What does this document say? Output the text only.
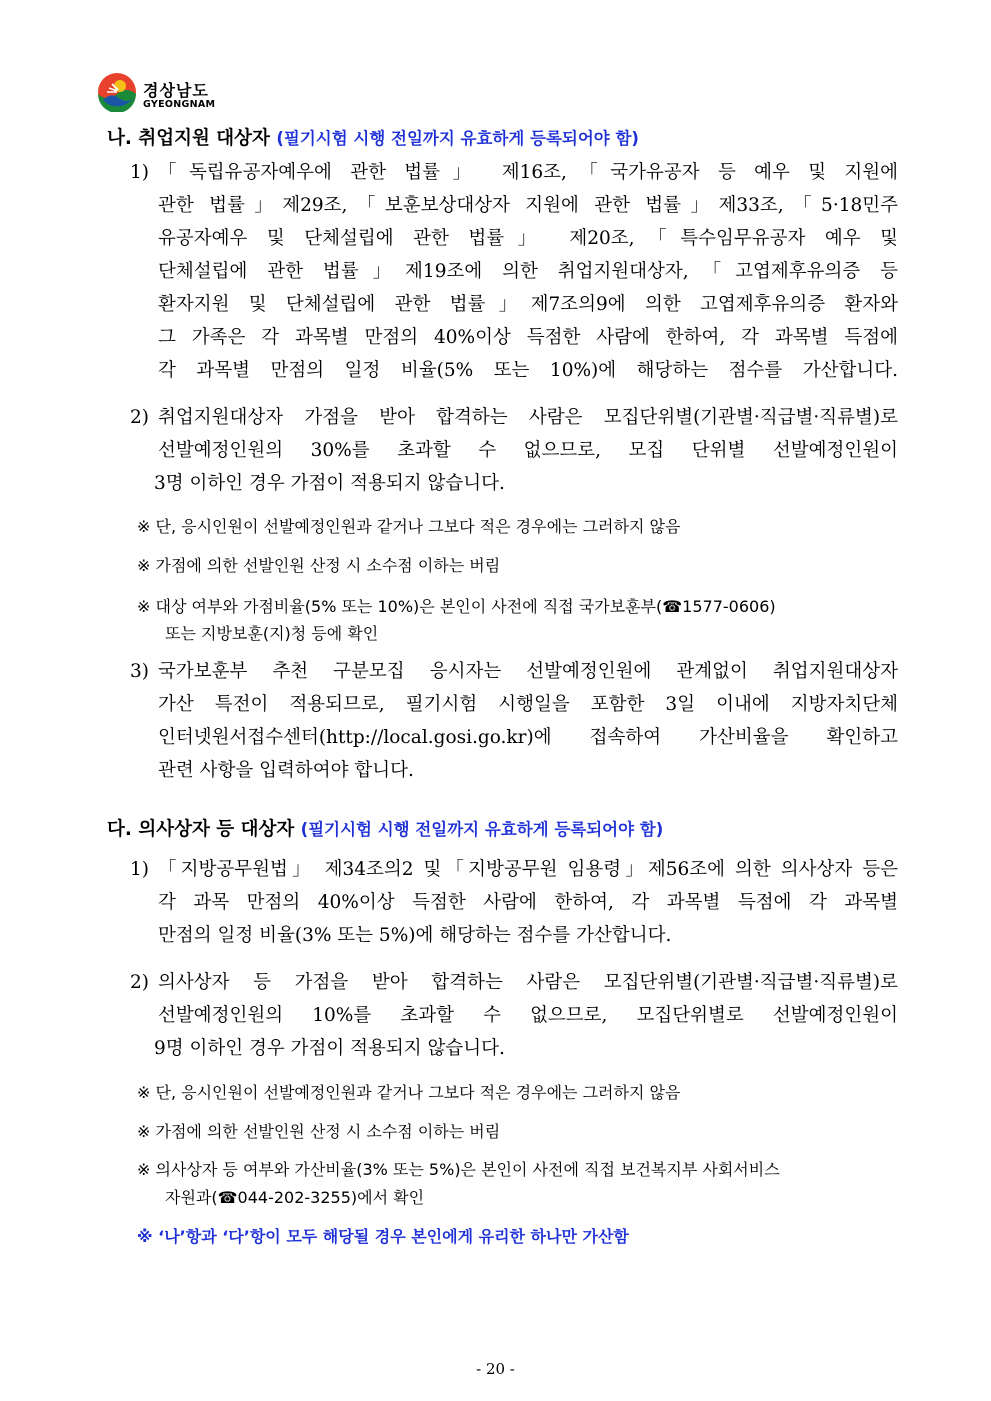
경상남도
GYEONGNAM
나. 취업지원 대상자 (필기시험 시행 전일까지 유효하게 등록되어야 함)
1) 「독립유공자예우에 관한 법률」 제16조,「국가유공자 등 예우 및 지원에
관한 법률」제29조,「보훈보상대상자 지원에 관한 법률」제33조,「5·18민주
유공자예우 및 단체설립에 관한 법률」 제20조,「특수임무유공자 예우 및
단체설립에 관한 법률」제19조에 의한 취업지원대상자,「고엽제후유의증 등
환자지원 및 단체설립에 관한 법률」제7조의9에 의한 고엽제후유의증 환자와
그 가족은 각 과목별 만점의 40%이상 득점한 사람에 한하여, 각 과목별 득점에
각 과목별 만점의 일정 비율(5% 또는 10%)에 해당하는 점수를 가산합니다.
2) 취업지원대상자 가점을 받아 합격하는 사람은 모집단위별(기관별·직급별·직류별)로
선발예정인원의 30%를 초과할 수 없으므로, 모집 단위별 선발예정인원이
3명 이하인 경우 가점이 적용되지 않습니다.
※ 단, 응시인원이 선발예정인원과 같거나 그보다 적은 경우에는 그러하지 않음
※ 가점에 의한 선발인원 산정 시 소수점 이하는 버림
※ 대상 여부와 가점비율(5% 또는 10%)은 본인이 사전에 직접 국가보훈부(☎1577-0606)
또는 지방보훈(지)청 등에 확인
3) 국가보훈부 추천 구분모집 응시자는 선발예정인원에 관계없이 취업지원대상자
가산 특전이 적용되므로, 필기시험 시행일을 포함한 3일 이내에 지방자치단체
인터넷원서접수센터(http://local.gosi.go.kr)에 접속하여 가산비율을 확인하고
관련 사항을 입력하여야 합니다.
다. 의사상자 등 대상자 (필기시험 시행 전일까지 유효하게 등록되어야 함)
1) 「지방공무원법」 제34조의2 및「지방공무원 임용령」제56조에 의한 의사상자 등은
각 과목 만점의 40%이상 득점한 사람에 한하여, 각 과목별 득점에 각 과목별
만점의 일정 비율(3% 또는 5%)에 해당하는 점수를 가산합니다.
2) 의사상자 등 가점을 받아 합격하는 사람은 모집단위별(기관별·직급별·직류별)로
선발예정인원의 10%를 초과할 수 없으므로, 모집단위별로 선발예정인원이
9명 이하인 경우 가점이 적용되지 않습니다.
※ 단, 응시인원이 선발예정인원과 같거나 그보다 적은 경우에는 그러하지 않음
※ 가점에 의한 선발인원 산정 시 소수점 이하는 버림
※ 의사상자 등 여부와 가산비율(3% 또는 5%)은 본인이 사전에 직접 보건복지부 사회서비스
자원과(☎044-202-3255)에서 확인
※ ‘나’항과 ‘다’항이 모두 해당될 경우 본인에게 유리한 하나만 가산함
- 20 -
